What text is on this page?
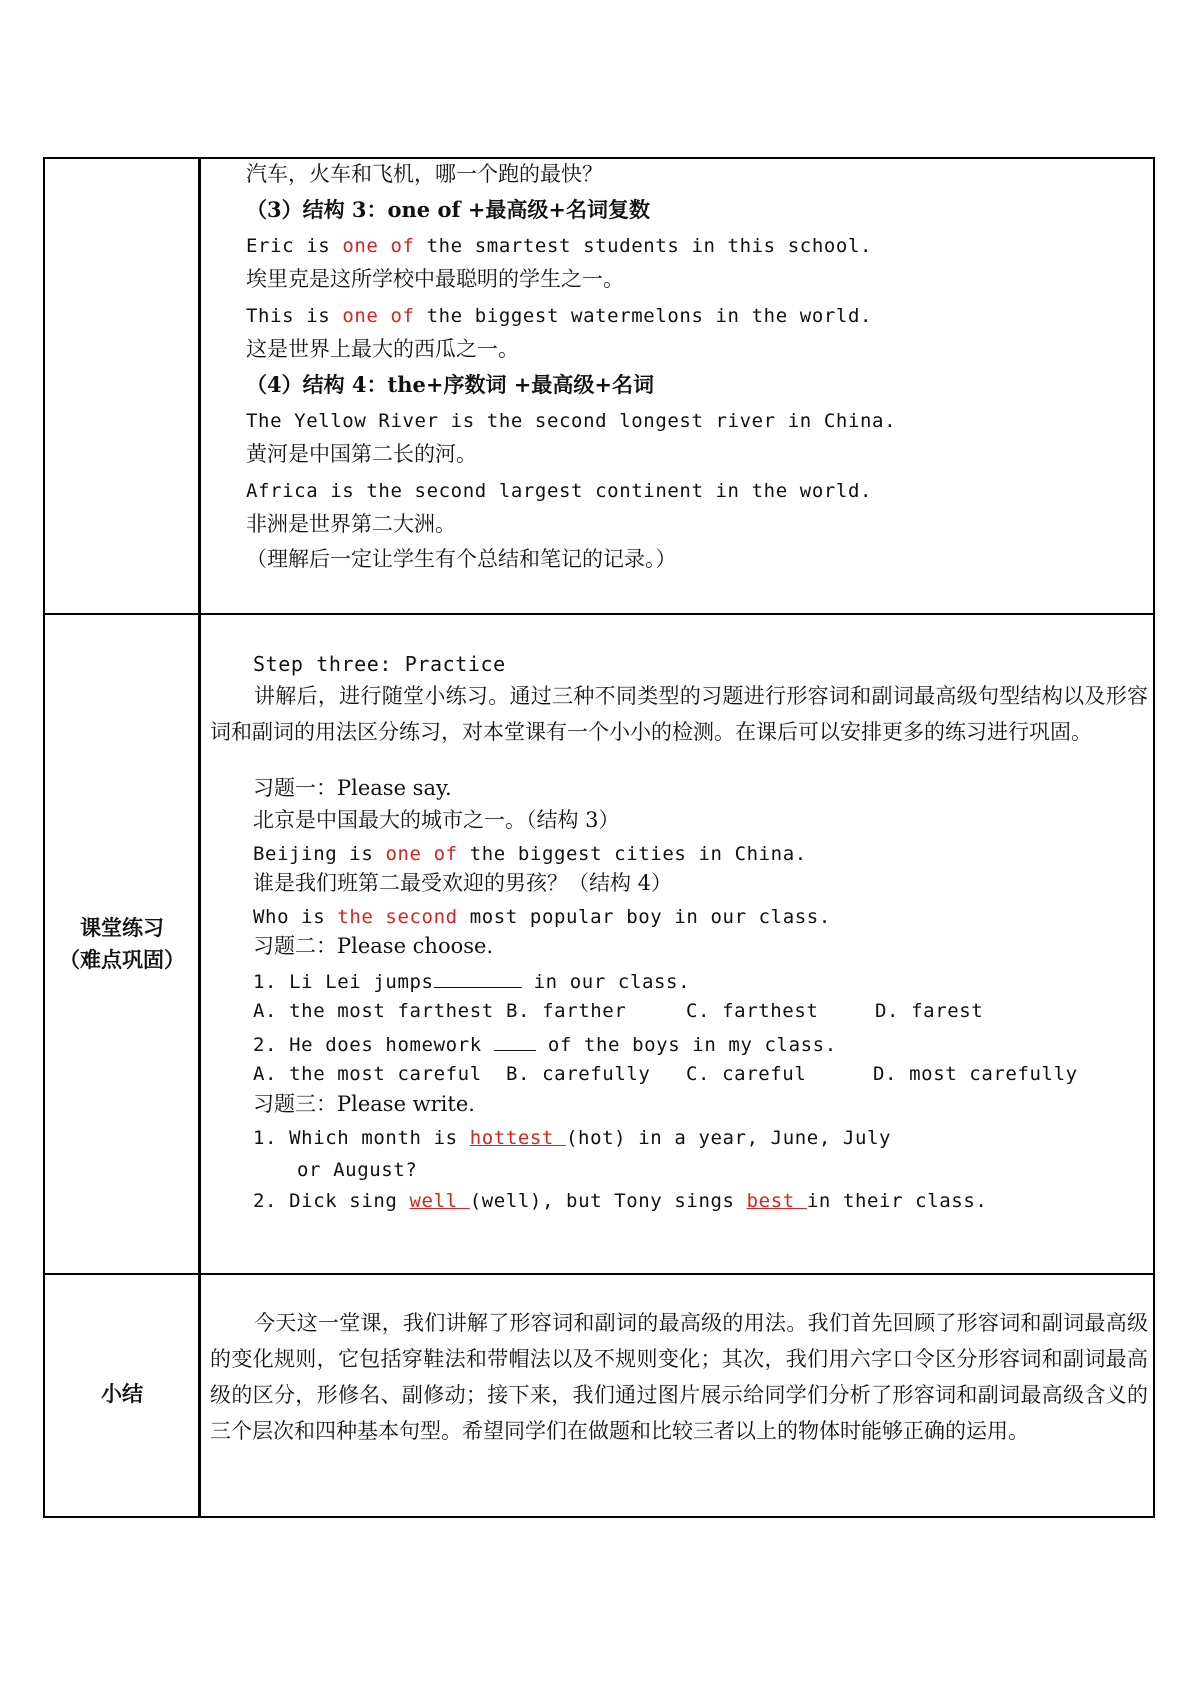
汽车，火车和飞机，哪一个跑的最快？
（3）结构 3：one of +最高级+名词复数
Eric is one of the smartest students in this school.
埃里克是这所学校中最聪明的学生之一。
This is one of the biggest watermelons in the world.
这是世界上最大的西瓜之一。
（4）结构 4：the+序数词 +最高级+名词
The Yellow River is the second longest river in China.
黄河是中国第二长的河。
Africa is the second largest continent in the world.
非洲是世界第二大洲。
（理解后一定让学生有个总结和笔记的记录。）
课堂练习
（难点巩固）
Step three: Practice
讲解后，进行随堂小练习。通过三种不同类型的习题进行形容词和副词最高级句型结构以及形容词和副词的用法区分练习，对本堂课有一个小小的检测。在课后可以安排更多的练习进行巩固。
习题一：Please say.
北京是中国最大的城市之一。（结构 3）
Beijing is one of the biggest cities in China.
谁是我们班第二最受欢迎的男孩？（结构 4）
Who is the second most popular boy in our class.
习题二：Please choose.
1. Li Lei jumps	in our class.
A. the most farthest B. farther	C. farthest	D. farest
2. He does homework  of the boys in my class.
A. the most careful B. carefully C. careful	D. most carefully
习题三：Please write.
1. Which month is hottest (hot) in a year, June, July
or August?
2. Dick sing well (well), but Tony sings best in their class.
小结
今天这一堂课，我们讲解了形容词和副词的最高级的用法。我们首先回顾了形容词和副词最高级的变化规则，它包括穿鞋法和带帽法以及不规则变化；其次，我们用六字口令区分形容词和副词最高级的区分，形修名、副修动；接下来，我们通过图片展示给同学们分析了形容词和副词最高级含义的三个层次和四种基本句型。希望同学们在做题和比较三者以上的物体时能够正确的运用。
